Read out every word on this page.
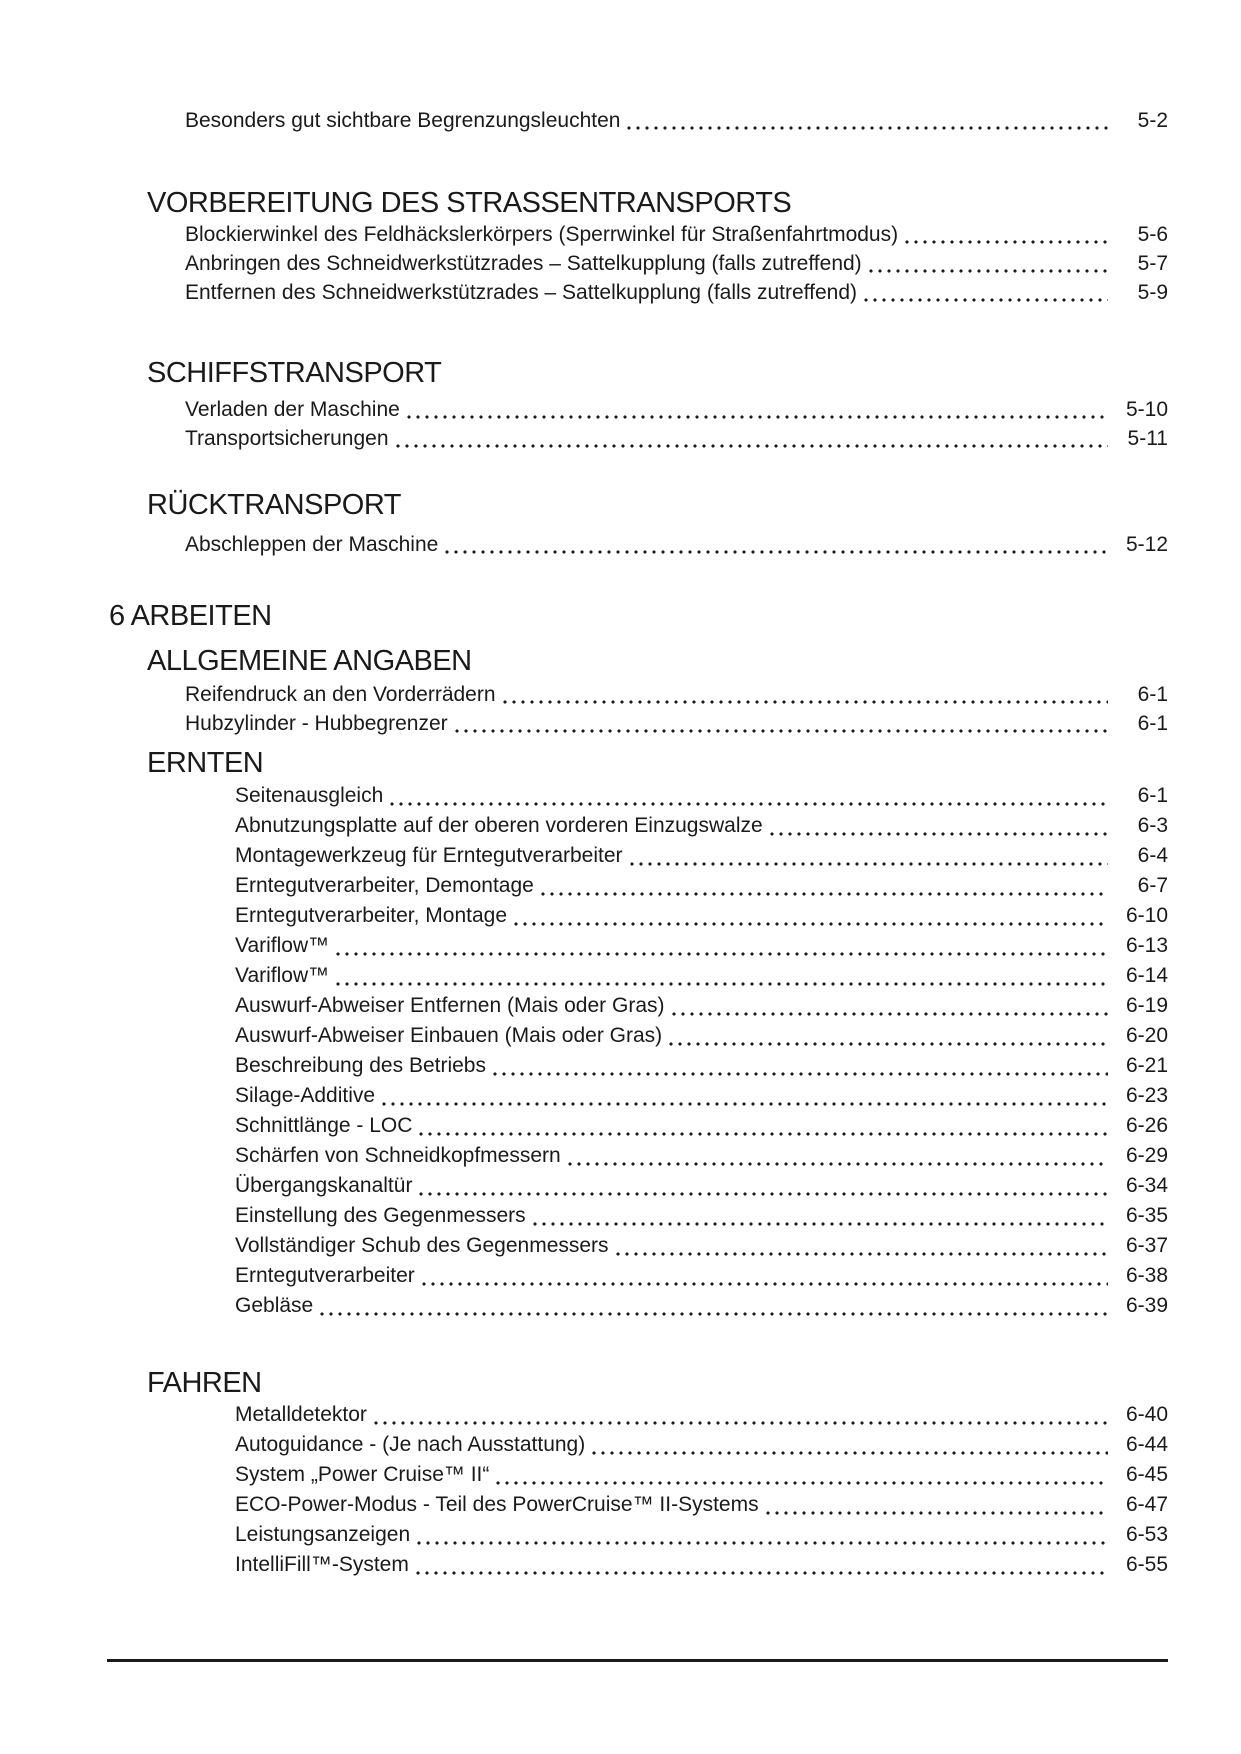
Besonders gut sichtbare Begrenzungsleuchten	5-2
VORBEREITUNG DES STRASSENTRANSPORTS
Blockierwinkel des Feldhäckslerkörpers (Sperrwinkel für Straßenfahrtmodus)	5-6
Anbringen des Schneidwerkstützrades – Sattelkupplung (falls zutreffend)	5-7
Entfernen des Schneidwerkstützrades – Sattelkupplung (falls zutreffend)	5-9
SCHIFFSTRANSPORT
Verladen der Maschine	5-10
Transportsicherungen	5-11
RÜCKTRANSPORT
Abschleppen der Maschine	5-12
6 ARBEITEN
ALLGEMEINE ANGABEN
Reifendruck an den Vorderrädern	6-1
Hubzylinder - Hubbegrenzer	6-1
ERNTEN
Seitenausgleich	6-1
Abnutzungsplatte auf der oberen vorderen Einzugswalze	6-3
Montagewerkzeug für Erntegutverarbeiter	6-4
Erntegutverarbeiter, Demontage	6-7
Erntegutverarbeiter, Montage	6-10
Variflow™	6-13
Variflow™	6-14
Auswurf-Abweiser Entfernen (Mais oder Gras)	6-19
Auswurf-Abweiser Einbauen (Mais oder Gras)	6-20
Beschreibung des Betriebs	6-21
Silage-Additive	6-23
Schnittlänge - LOC	6-26
Schärfen von Schneidkopfmessern	6-29
Übergangskanaltür	6-34
Einstellung des Gegenmessers	6-35
Vollständiger Schub des Gegenmessers	6-37
Erntegutverarbeiter	6-38
Gebläse	6-39
FAHREN
Metalldetektor	6-40
Autoguidance - (Je nach Ausstattung)	6-44
System „Power Cruise™ II“	6-45
ECO-Power-Modus - Teil des PowerCruise™ II-Systems	6-47
Leistungsanzeigen	6-53
IntelliFill™-System	6-55
